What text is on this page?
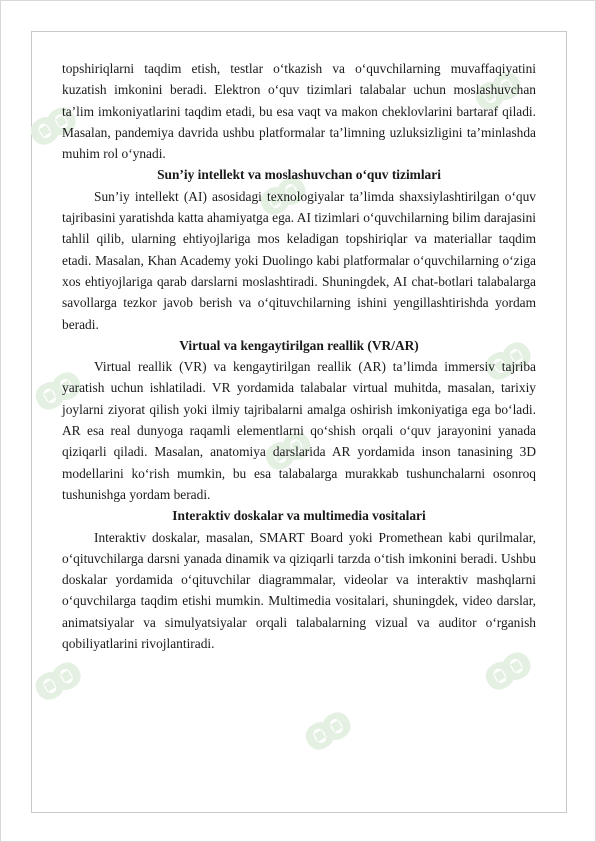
ꙭ
ꙭ
ꙭ
ꙭ
ꙭ
ꙭ
ꙭ
ꙭ
ꙭ

topshiriqlarni taqdim etish, testlar o‘tkazish va o‘quvchilarning muvaffaqiyatini kuzatish imkonini beradi. Elektron o‘quv tizimlari talabalar uchun moslashuvchan ta’lim imkoniyatlarini taqdim etadi, bu esa vaqt va makon cheklovlarini bartaraf qiladi. Masalan, pandemiya davrida ushbu platformalar ta’limning uzluksizligini ta’minlashda muhim rol o‘ynadi.

Sun’iy intellekt va moslashuvchan o‘quv tizimlari

Sun’iy intellekt (AI) asosidagi texnologiyalar ta’limda shaxsiylashtirilgan o‘quv tajribasini yaratishda katta ahamiyatga ega. AI tizimlari o‘quvchilarning bilim darajasini tahlil qilib, ularning ehtiyojlariga mos keladigan topshiriqlar va materiallar taqdim etadi. Masalan, Khan Academy yoki Duolingo kabi platformalar o‘quvchilarning o‘ziga xos ehtiyojlariga qarab darslarni moslashtiradi. Shuningdek, AI chat-botlari talabalarga savollarga tezkor javob berish va o‘qituvchilarning ishini yengillashtirishda yordam beradi.

Virtual va kengaytirilgan reallik (VR/AR)

Virtual reallik (VR) va kengaytirilgan reallik (AR) ta’limda immersiv tajriba yaratish uchun ishlatiladi. VR yordamida talabalar virtual muhitda, masalan, tarixiy joylarni ziyorat qilish yoki ilmiy tajribalarni amalga oshirish imkoniyatiga ega bo‘ladi. AR esa real dunyoga raqamli elementlarni qo‘shish orqali o‘quv jarayonini yanada qiziqarli qiladi. Masalan, anatomiya darslarida AR yordamida inson tanasining 3D modellarini ko‘rish mumkin, bu esa talabalarga murakkab tushunchalarni osonroq tushunishga yordam beradi.

Interaktiv doskalar va multimedia vositalari

Interaktiv doskalar, masalan, SMART Board yoki Promethean kabi qurilmalar, o‘qituvchilarga darsni yanada dinamik va qiziqarli tarzda o‘tish imkonini beradi. Ushbu doskalar yordamida o‘qituvchilar diagrammalar, videolar va interaktiv mashqlarni o‘quvchilarga taqdim etishi mumkin. Multimedia vositalari, shuningdek, video darslar, animatsiyalar va simulyatsiyalar orqali talabalarning vizual va auditor o‘rganish qobiliyatlarini rivojlantiradi.
